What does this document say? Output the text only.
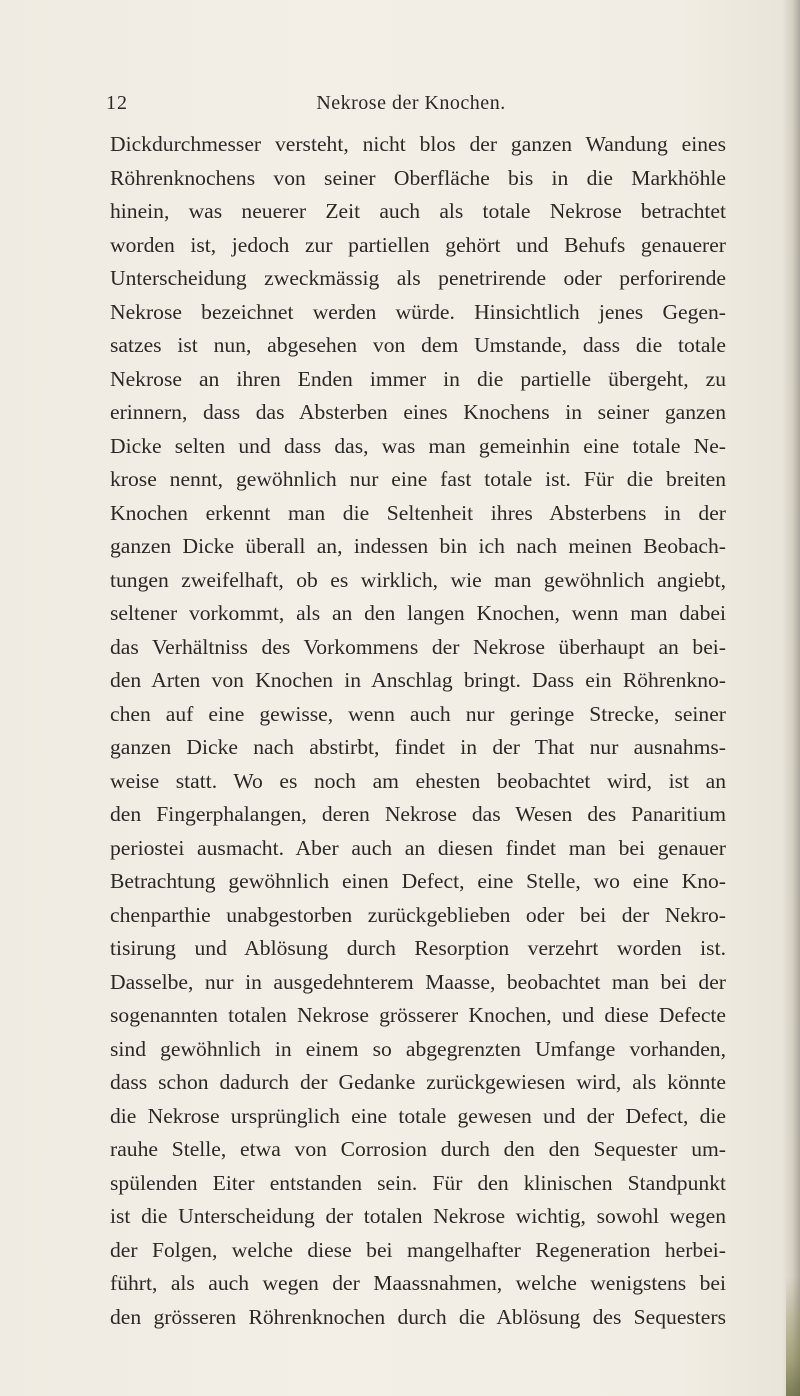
12	Nekrose der Knochen.
Dickdurchmesser versteht, nicht blos der ganzen Wandung eines
Röhrenknochens von seiner Oberfläche bis in die Markhöhle
hinein, was neuerer Zeit auch als totale Nekrose betrachtet
worden ist, jedoch zur partiellen gehört und Behufs genauerer
Unterscheidung zweckmässig als penetrirende oder perforirende
Nekrose bezeichnet werden würde. Hinsichtlich jenes Gegen-
satzes ist nun, abgesehen von dem Umstande, dass die totale
Nekrose an ihren Enden immer in die partielle übergeht, zu
erinnern, dass das Absterben eines Knochens in seiner ganzen
Dicke selten und dass das, was man gemeinhin eine totale Ne-
krose nennt, gewöhnlich nur eine fast totale ist. Für die breiten
Knochen erkennt man die Seltenheit ihres Absterbens in der
ganzen Dicke überall an, indessen bin ich nach meinen Beobach-
tungen zweifelhaft, ob es wirklich, wie man gewöhnlich angiebt,
seltener vorkommt, als an den langen Knochen, wenn man dabei
das Verhältniss des Vorkommens der Nekrose überhaupt an bei-
den Arten von Knochen in Anschlag bringt. Dass ein Röhrenkno-
chen auf eine gewisse, wenn auch nur geringe Strecke, seiner
ganzen Dicke nach abstirbt, findet in der That nur ausnahms-
weise statt. Wo es noch am ehesten beobachtet wird, ist an
den Fingerphalangen, deren Nekrose das Wesen des Panaritium
periostei ausmacht. Aber auch an diesen findet man bei genauer
Betrachtung gewöhnlich einen Defect, eine Stelle, wo eine Kno-
chenparthie unabgestorben zurückgeblieben oder bei der Nekro-
tisirung und Ablösung durch Resorption verzehrt worden ist.
Dasselbe, nur in ausgedehnterem Maasse, beobachtet man bei der
sogenannten totalen Nekrose grösserer Knochen, und diese Defecte
sind gewöhnlich in einem so abgegrenzten Umfange vorhanden,
dass schon dadurch der Gedanke zurückgewiesen wird, als könnte
die Nekrose ursprünglich eine totale gewesen und der Defect, die
rauhe Stelle, etwa von Corrosion durch den den Sequester um-
spülenden Eiter entstanden sein. Für den klinischen Standpunkt
ist die Unterscheidung der totalen Nekrose wichtig, sowohl wegen
der Folgen, welche diese bei mangelhafter Regeneration herbei-
führt, als auch wegen der Maassnahmen, welche wenigstens bei
den grösseren Röhrenknochen durch die Ablösung des Sequesters
